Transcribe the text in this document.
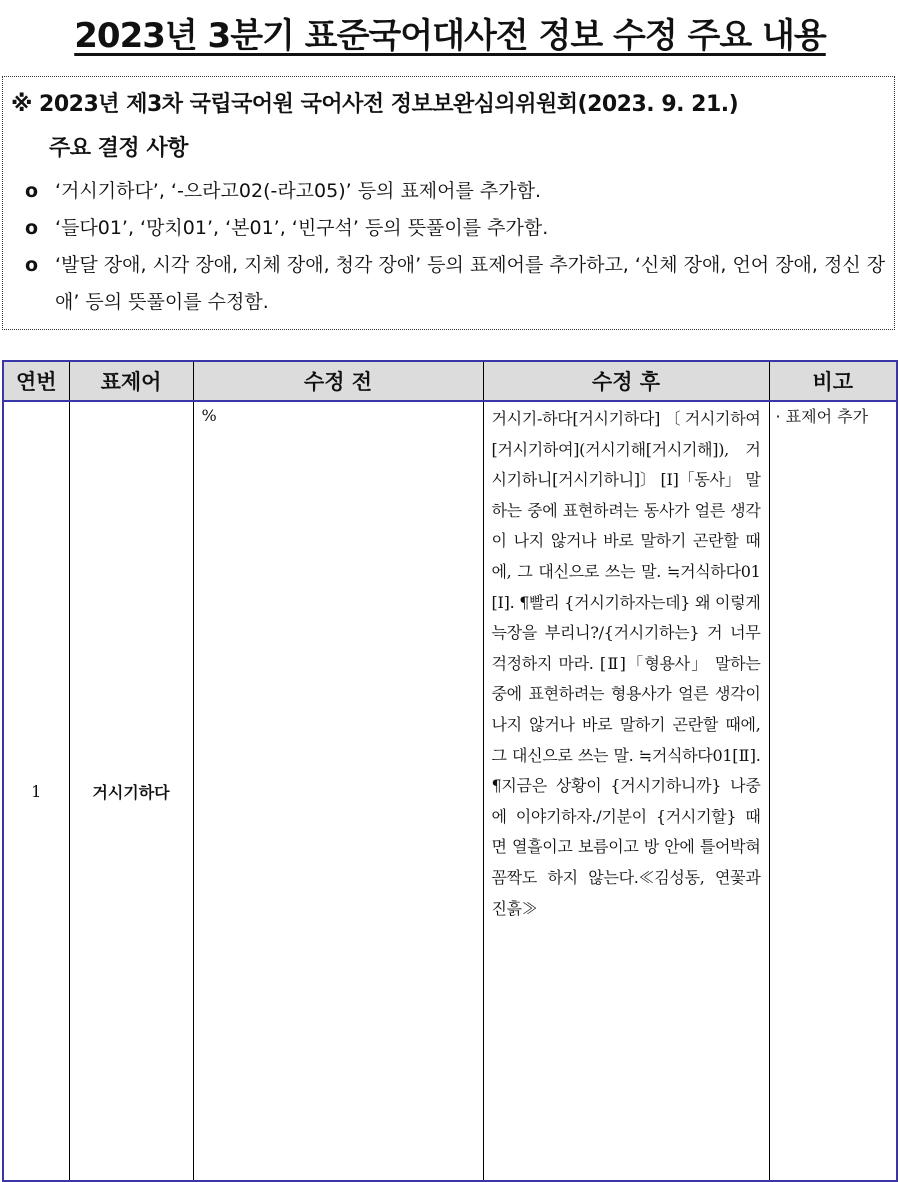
2023년 3분기 표준국어대사전 정보 수정 주요 내용
※ 2023년 제3차 국립국어원 국어사전 정보보완심의위원회(2023. 9. 21.)
주요 결정 사항
o ‘거시기하다’, ‘-으라고02(-라고05)’ 등의 표제어를 추가함.
o ‘들다01’, ‘망치01’, ‘본01’, ‘빈구석’ 등의 뜻풀이를 추가함.
o ‘발달 장애, 시각 장애, 지체 장애, 청각 장애’ 등의 표제어를 추가하고, ‘신체 장애, 언어 장애, 정신 장애’ 등의 뜻풀이를 수정함.
연번	표제어	수정 전	수정 후	비고
1	거시기하다	%	거시기-하다[거시기하다]〔거시기하여[거시기하여](거시기해[거시기해]), 거시기하니[거시기하니]〕 [Ⅰ]「동사」 말하는 중에 표현하려는 동사가 얼른 생각이 나지 않거나 바로 말하기 곤란할 때에, 그 대신으로 쓰는 말. ≒거식하다01[Ⅰ]. ¶빨리 {거시기하자는데} 왜 이렇게 늑장을 부리니?/{거시기하는} 거 너무 걱정하지 마라. [Ⅱ]「형용사」 말하는 중에 표현하려는 형용사가 얼른 생각이 나지 않거나 바로 말하기 곤란할 때에, 그 대신으로 쓰는 말. ≒거식하다01[Ⅱ]. ¶지금은 상황이 {거시기하니까} 나중에 이야기하자./기분이 {거시기할} 때면 열흘이고 보름이고 방 안에 틀어박혀 꼼짝도 하지 않는다.≪김성동, 연꽃과 진흙≫	· 표제어 추가
